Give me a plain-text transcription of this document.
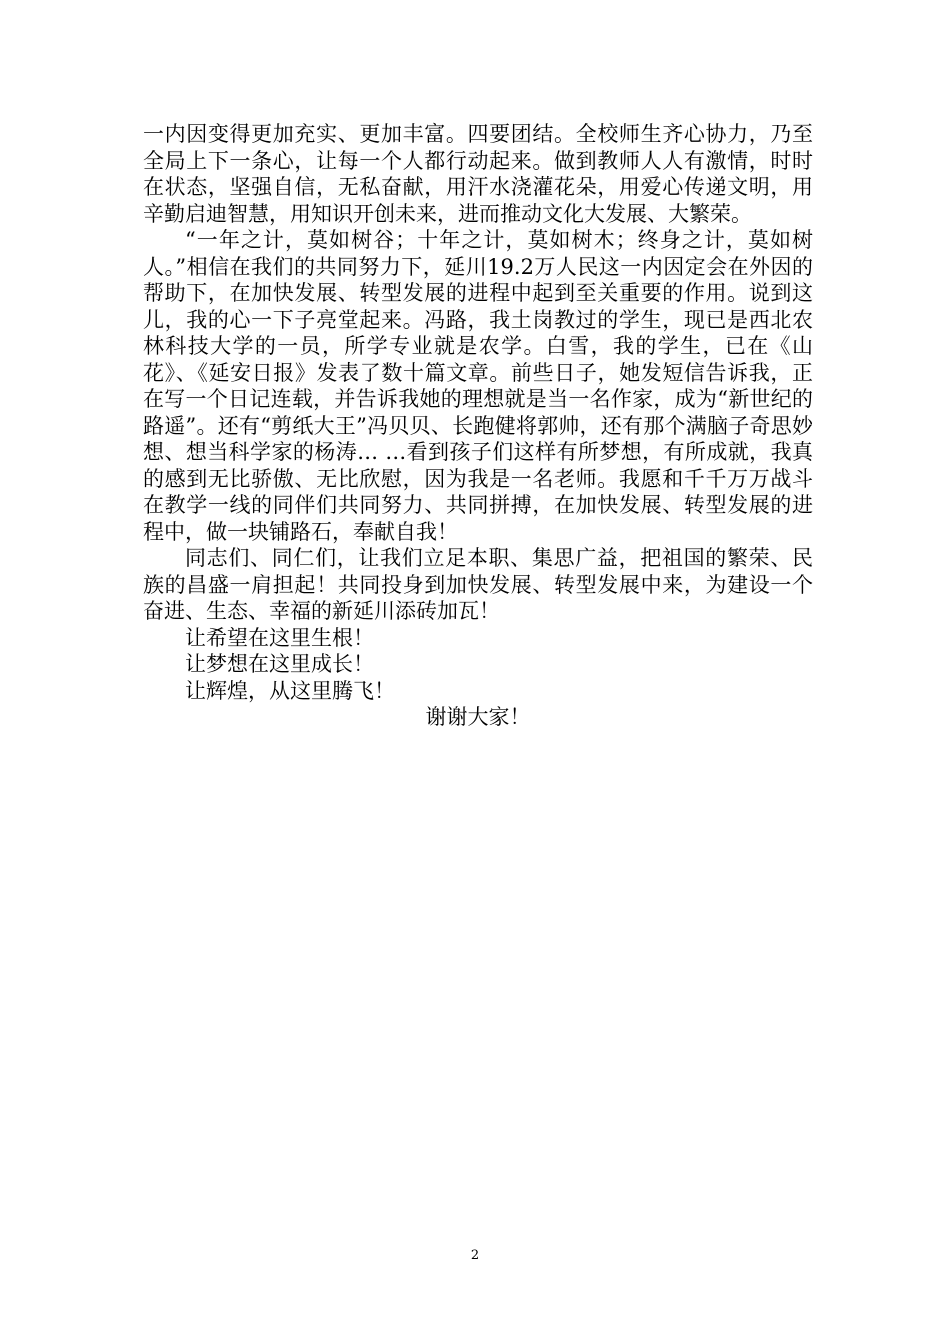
一内因变得更加充实、更加丰富。四要团结。全校师生齐心协力，乃至全局上下一条心，让每一个人都行动起来。做到教师人人有激情，时时在状态，坚强自信，无私奋献，用汗水浇灌花朵，用爱心传递文明，用辛勤启迪智慧，用知识开创未来，进而推动文化大发展、大繁荣。

“一年之计，莫如树谷；十年之计，莫如树木；终身之计，莫如树人。”相信在我们的共同努力下，延川19.2万人民这一内因定会在外因的帮助下，在加快发展、转型发展的进程中起到至关重要的作用。说到这儿，我的心一下子亮堂起来。冯路，我土岗教过的学生，现已是西北农林科技大学的一员，所学专业就是农学。白雪，我的学生，已在《山花》、《延安日报》发表了数十篇文章。前些日子，她发短信告诉我，正在写一个日记连载，并告诉我她的理想就是当一名作家，成为“新世纪的路遥”。还有“剪纸大王”冯贝贝、长跑健将郭帅，还有那个满脑子奇思妙想、想当科学家的杨涛… …看到孩子们这样有所梦想，有所成就，我真的感到无比骄傲、无比欣慰，因为我是一名老师。我愿和千千万万战斗在教学一线的同伴们共同努力、共同拼搏，在加快发展、转型发展的进程中，做一块铺路石，奉献自我！

同志们、同仁们，让我们立足本职、集思广益，把祖国的繁荣、民族的昌盛一肩担起！共同投身到加快发展、转型发展中来，为建设一个奋进、生态、幸福的新延川添砖加瓦！

让希望在这里生根！

让梦想在这里成长！

让辉煌，从这里腾飞！

谢谢大家！

2
